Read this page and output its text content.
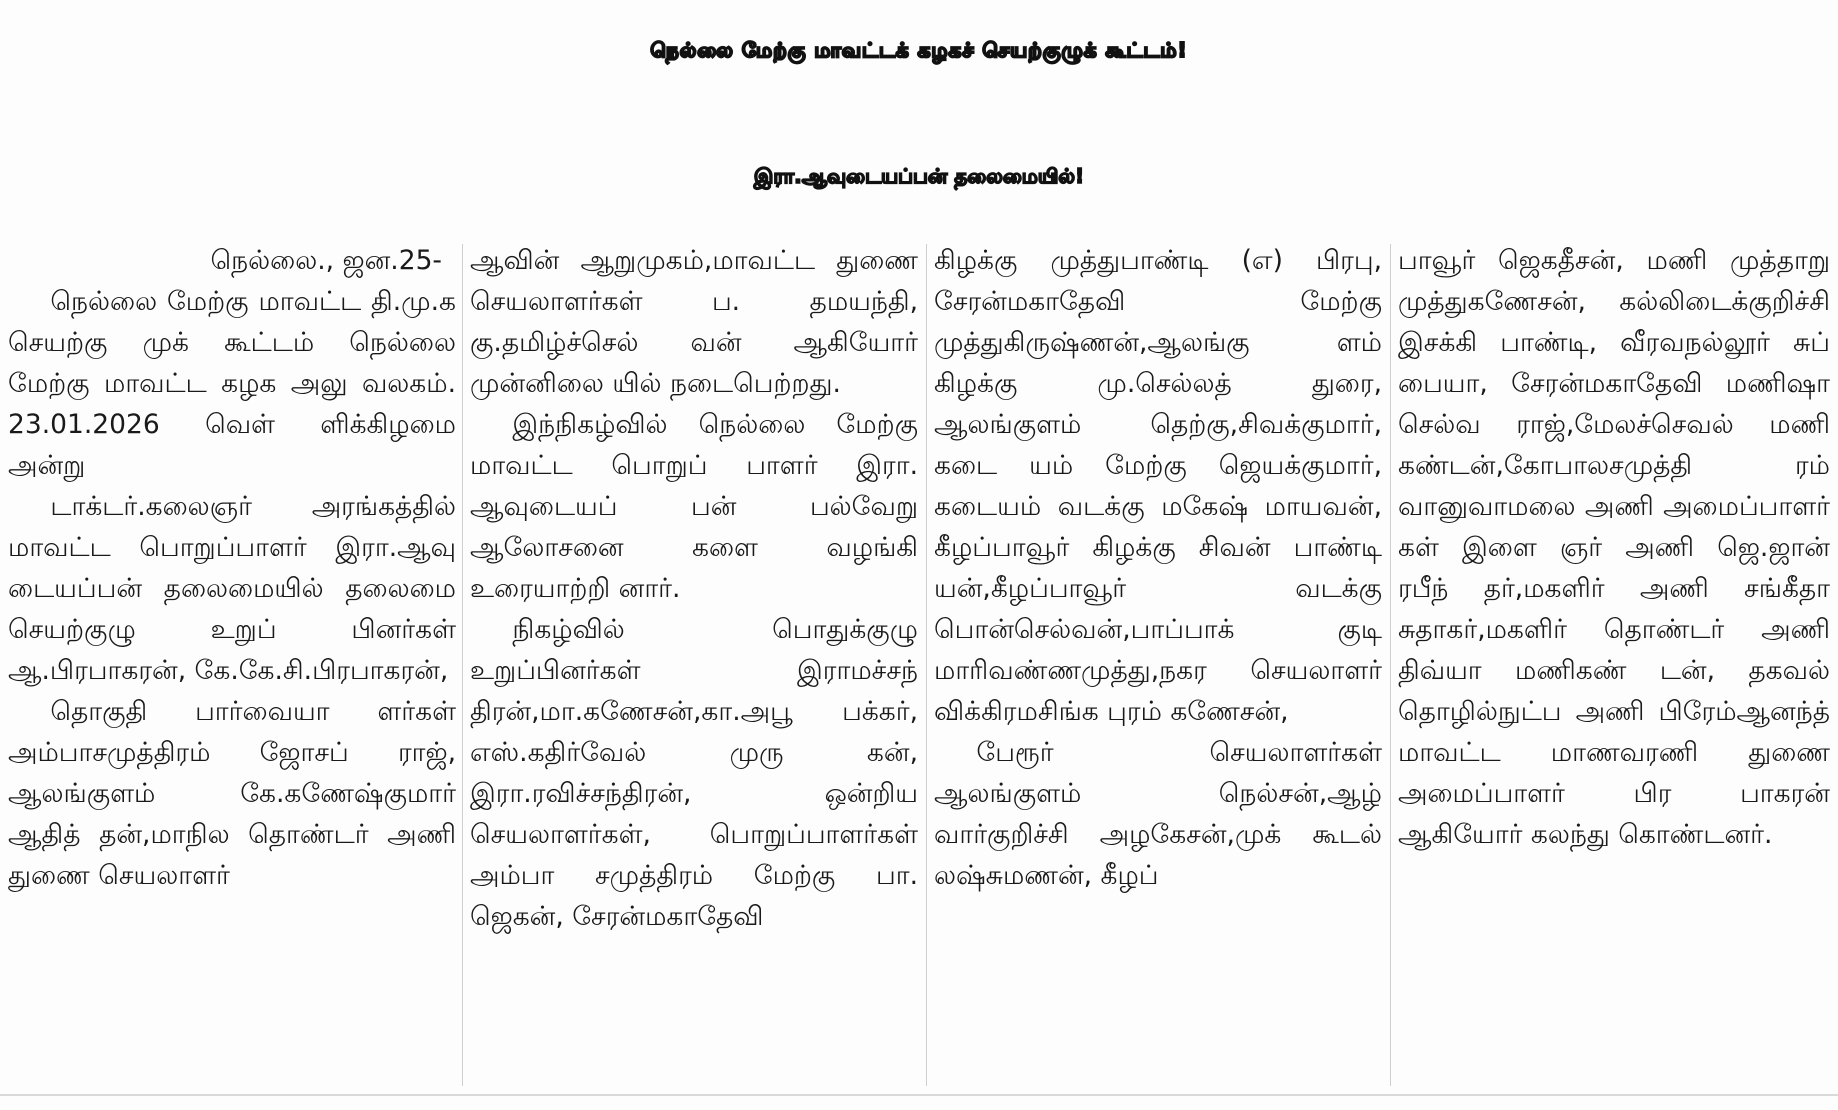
நெல்லை மேற்கு மாவட்டக் கழகச் செயற்குழுக் கூட்டம்!
இரா.ஆவுடையப்பன் தலைமையில்!

நெல்லை., ஜன.25-

நெல்லை மேற்கு மாவட்ட தி.மு.க செயற்கு முக் கூட்டம் நெல்லை மேற்கு மாவட்ட கழக அலு வலகம். 23.01.2026 வெள் ளிக்கிழமை அன்று

டாக்டர்.கலைஞர் அரங்கத்தில் மாவட்ட பொறுப்பாளர் இரா.ஆவு டையப்பன் தலைமையில் தலைமை செயற்குழு உறுப் பினர்கள் ஆ.பிரபாகரன், கே.கே.சி.பிரபாகரன்,

தொகுதி பார்வையா ளர்கள் அம்பாசமுத்திரம் ஜோசப் ராஜ், ஆலங்குளம் கே.கணேஷ்குமார் ஆதித் தன்,மாநில தொண்டர் அணி துணை செயலாளர்

ஆவின் ஆறுமுகம்,மாவட்ட துணை செயலாளர்கள் ப. தமயந்தி, கு.தமிழ்ச்செல் வன் ஆகியோர் முன்னிலை யில் நடைபெற்றது.

இந்நிகழ்வில் நெல்லை மேற்கு மாவட்ட பொறுப் பாளர் இரா. ஆவுடையப் பன் பல்வேறு ஆலோசனை களை வழங்கி உரையாற்றி னார்.

நிகழ்வில் பொதுக்குழு உறுப்பினர்கள் இராமச்சந் திரன்,மா.கணேசன்,கா.அபூ பக்கர், எஸ்.கதிர்வேல் முரு கன், இரா.ரவிச்சந்திரன், ஒன்றிய செயலாளர்கள், பொறுப்பாளர்கள் அம்பா சமுத்திரம் மேற்கு பா. ஜெகன், சேரன்மகாதேவி

கிழக்கு முத்துபாண்டி (எ) பிரபு, சேரன்மகாதேவி மேற்கு முத்துகிருஷ்ணன்,ஆலங்கு ளம் கிழக்கு மு.செல்லத் துரை, ஆலங்குளம் தெற்கு,சிவக்குமார், கடை யம் மேற்கு ஜெயக்குமார், கடையம் வடக்கு மகேஷ் மாயவன், கீழப்பாவூர் கிழக்கு சிவன் பாண்டி யன்,கீழப்பாவூர் வடக்கு பொன்செல்வன்,பாப்பாக் குடி மாரிவண்ணமுத்து,நகர செயலாளர் விக்கிரமசிங்க புரம் கணேசன்,

பேரூர் செயலாளர்கள் ஆலங்குளம் நெல்சன்,ஆழ் வார்குறிச்சி அழகேசன்,முக் கூடல் லஷ்சுமணன், கீழப்

பாவூர் ஜெகதீசன், மணி முத்தாறு முத்துகணேசன், கல்லிடைக்குறிச்சி இசக்கி பாண்டி, வீரவநல்லூர் சுப் பையா, சேரன்மகாதேவி மணிஷா செல்வ ராஜ்,மேலச்செவல் மணி கண்டன்,கோபாலசமுத்தி ரம் வானுவாமலை அணி அமைப்பாளர் கள் இளை ஞர் அணி ஜெ.ஜான் ரபீந் தர்,மகளிர் அணி சங்கீதா சுதாகர்,மகளிர் தொண்டர் அணி திவ்யா மணிகண் டன், தகவல் தொழில்நுட்ப அணி பிரேம்ஆனந்த் மாவட்ட மாணவரணி துணை அமைப்பாளர் பிர பாகரன் ஆகியோர் கலந்து கொண்டனர்.
